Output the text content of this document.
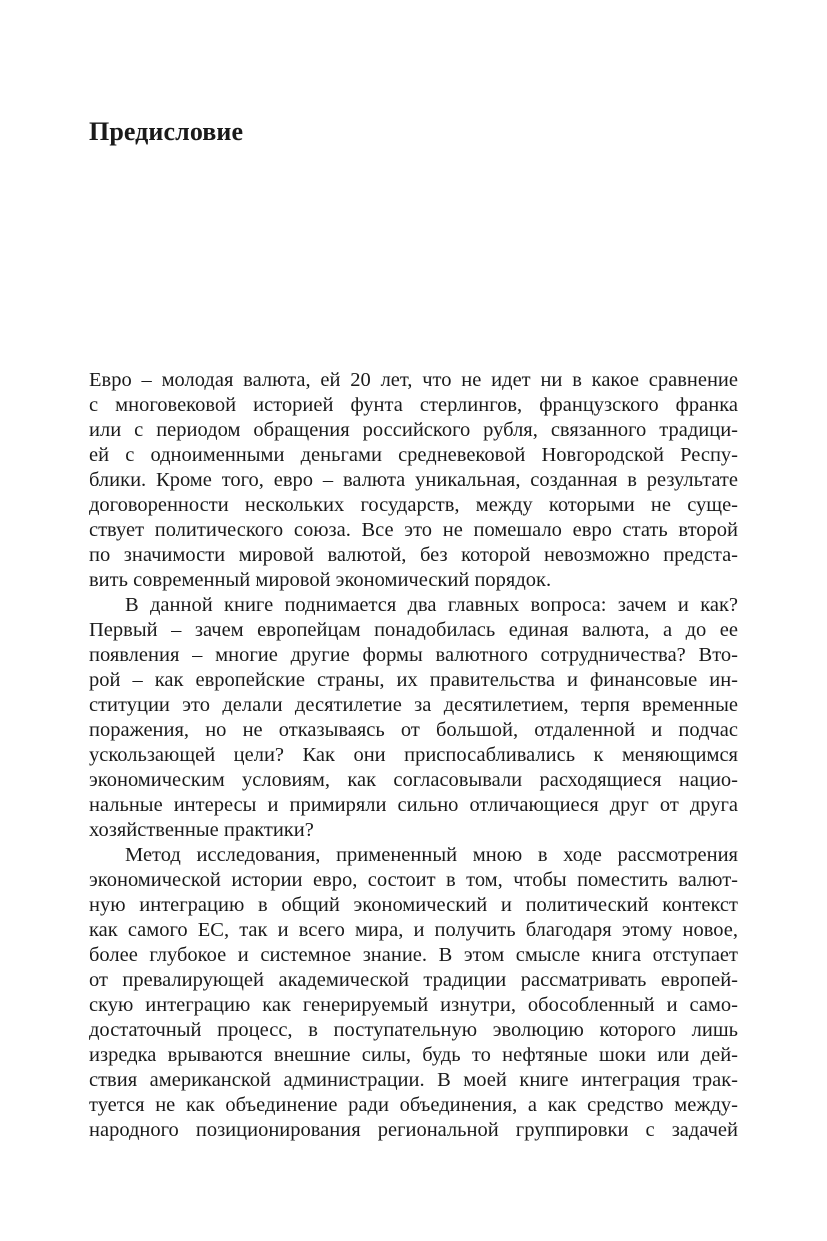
Предисловие
Евро – молодая валюта, ей 20 лет, что не идет ни в какое сравнение
с многовековой историей фунта стерлингов, французского франка
или с периодом обращения российского рубля, связанного традици-
ей с одноименными деньгами средневековой Новгородской Респу-
блики. Кроме того, евро – валюта уникальная, созданная в результате
договоренности нескольких государств, между которыми не суще-
ствует политического союза. Все это не помешало евро стать второй
по значимости мировой валютой, без которой невозможно предста-
вить современный мировой экономический порядок.
В данной книге поднимается два главных вопроса: зачем и как?
Первый – зачем европейцам понадобилась единая валюта, а до ее
появления – многие другие формы валютного сотрудничества? Вто-
рой – как европейские страны, их правительства и финансовые ин-
ституции это делали десятилетие за десятилетием, терпя временные
поражения, но не отказываясь от большой, отдаленной и подчас
ускользающей цели? Как они приспосабливались к меняющимся
экономическим условиям, как согласовывали расходящиеся нацио-
нальные интересы и примиряли сильно отличающиеся друг от друга
хозяйственные практики?
Метод исследования, примененный мною в ходе рассмотрения
экономической истории евро, состоит в том, чтобы поместить валют-
ную интеграцию в общий экономический и политический контекст
как самого ЕС, так и всего мира, и получить благодаря этому новое,
более глубокое и системное знание. В этом смысле книга отступает
от превалирующей академической традиции рассматривать европей-
скую интеграцию как генерируемый изнутри, обособленный и само-
достаточный процесс, в поступательную эволюцию которого лишь
изредка врываются внешние силы, будь то нефтяные шоки или дей-
ствия американской администрации. В моей книге интеграция трак-
туется не как объединение ради объединения, а как средство между-
народного позиционирования региональной группировки с задачей
